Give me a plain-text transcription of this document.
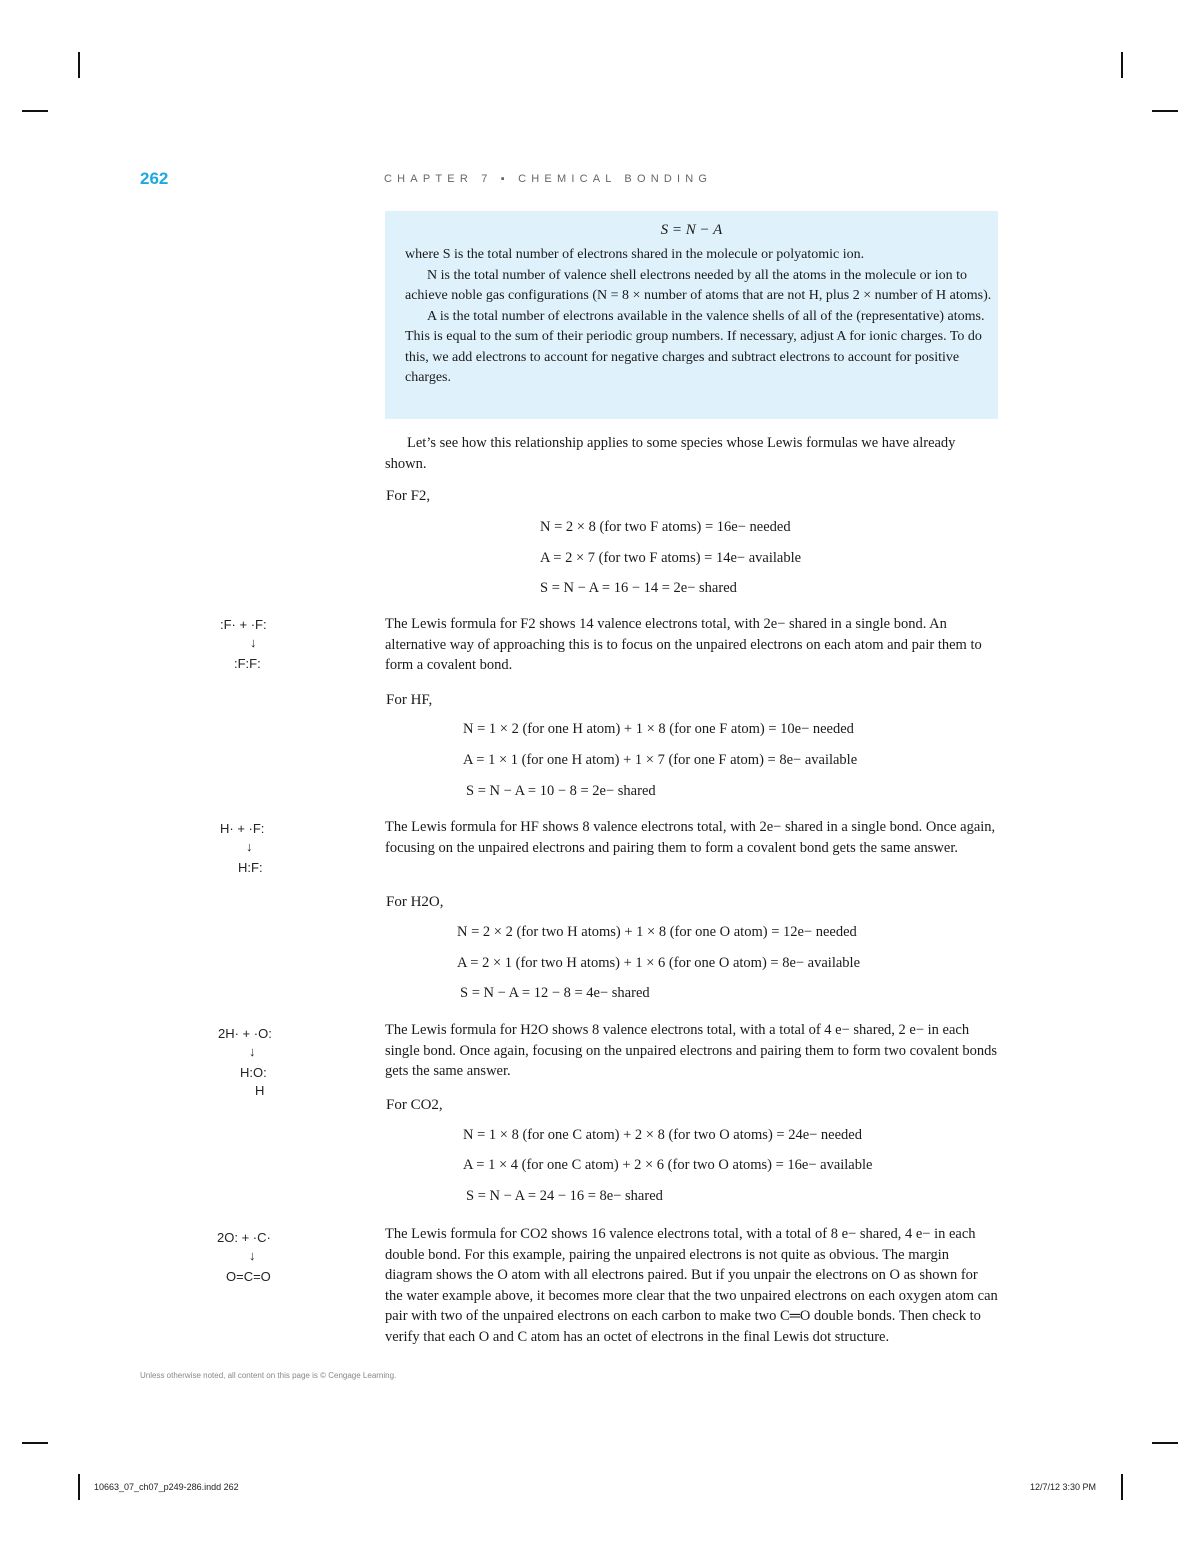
262	CHAPTER 7 ▪ CHEMICAL BONDING
S = N − A

where S is the total number of electrons shared in the molecule or polyatomic ion.

N is the total number of valence shell electrons needed by all the atoms in the molecule or ion to achieve noble gas configurations (N = 8 × number of atoms that are not H, plus 2 × number of H atoms).

A is the total number of electrons available in the valence shells of all of the (representative) atoms. This is equal to the sum of their periodic group numbers. If necessary, adjust A for ionic charges. To do this, we add electrons to account for negative charges and subtract electrons to account for positive charges.

Let’s see how this relationship applies to some species whose Lewis formulas we have already shown.
For F2,
N = 2 × 8 (for two F atoms) = 16e− needed
A = 2 × 7 (for two F atoms) = 14e− available
S = N − A = 16 − 14 = 2e− shared
The Lewis formula for F2 shows 14 valence electrons total, with 2e− shared in a single bond. An alternative way of approaching this is to focus on the unpaired electrons on each atom and pair them to form a covalent bond.
:F· + ·F:
↓
:F:F:
For HF,
N = 1 × 2 (for one H atom) + 1 × 8 (for one F atom) = 10e− needed
A = 1 × 1 (for one H atom) + 1 × 7 (for one F atom) = 8e− available
S = N − A = 10 − 8 = 2e− shared
The Lewis formula for HF shows 8 valence electrons total, with 2e− shared in a single bond. Once again, focusing on the unpaired electrons and pairing them to form a covalent bond gets the same answer.
H· + ·F:
↓
H:F:
For H2O,
N = 2 × 2 (for two H atoms) + 1 × 8 (for one O atom) = 12e− needed
A = 2 × 1 (for two H atoms) + 1 × 6 (for one O atom) = 8e− available
S = N − A = 12 − 8 = 4e− shared
The Lewis formula for H2O shows 8 valence electrons total, with a total of 4 e− shared, 2 e− in each single bond. Once again, focusing on the unpaired electrons and pairing them to form two covalent bonds gets the same answer.
2H· + ·O:
↓
H:O:
H
For CO2,
N = 1 × 8 (for one C atom) + 2 × 8 (for two O atoms) = 24e− needed
A = 1 × 4 (for one C atom) + 2 × 6 (for two O atoms) = 16e− available
S = N − A = 24 − 16 = 8e− shared
The Lewis formula for CO2 shows 16 valence electrons total, with a total of 8 e− shared, 4 e− in each double bond. For this example, pairing the unpaired electrons is not quite as obvious. The margin diagram shows the O atom with all electrons paired. But if you unpair the electrons on O as shown for the water example above, it becomes more clear that the two unpaired electrons on each oxygen atom can pair with two of the unpaired electrons on each carbon to make two C═O double bonds. Then check to verify that each O and C atom has an octet of electrons in the final Lewis dot structure.
2O: + ·C·
↓
O=C=O
Unless otherwise noted, all content on this page is © Cengage Learning.
10663_07_ch07_p249-286.indd 262	12/7/12 3:30 PM
